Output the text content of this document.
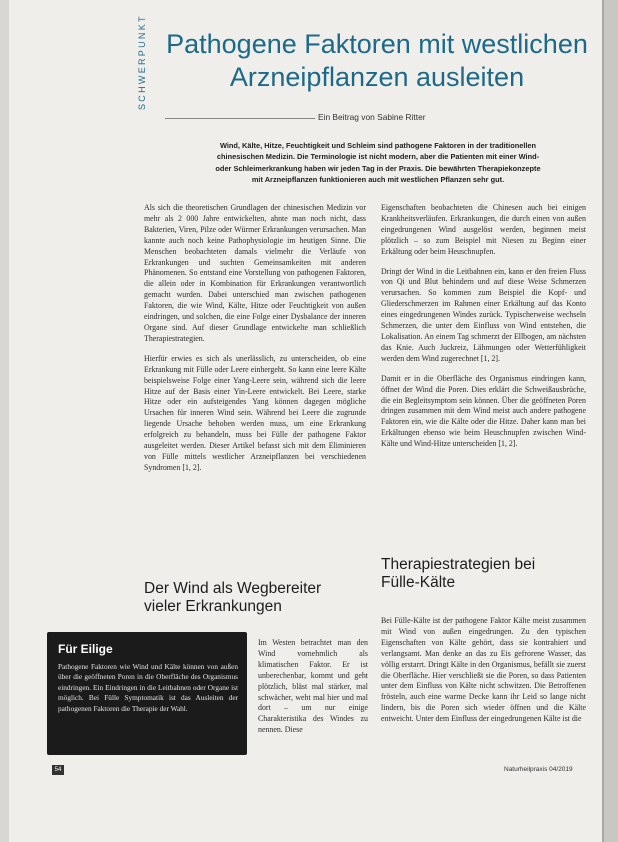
SCHWERPUNKT Pathogene Faktoren mit westlichen
Arzneipflanzen ausleiten
Ein Beitrag von Sabine Ritter
Wind, Kälte, Hitze, Feuchtigkeit und Schleim sind pathogene Faktoren in der traditionellen
chinesischen Medizin. Die Terminologie ist nicht modern, aber die Patienten mit einer Wind-
oder Schleimerkrankung haben wir jeden Tag in der Praxis. Die bewährten Therapiekonzepte
mit Arzneipflanzen funktionieren auch mit westlichen Pflanzen sehr gut.

Als sich die theoretischen Grundlagen der chinesischen Medizin vor mehr als 2 000 Jahre entwickelten, ahnte man noch nicht, dass Bakterien, Viren, Pilze oder Würmer Erkrankungen verursachen. Man kannte auch noch keine Pathophysiologie im heutigen Sinne. Die Menschen beobachteten damals vielmehr die Verläufe von Erkrankungen und suchten Gemeinsamkeiten mit anderen Phänomenen. So entstand eine Vorstellung von pathogenen Faktoren, die allein oder in Kombination für Erkrankungen verantwortlich gemacht wurden. Dabei unterschied man zwischen pathogenen Faktoren, die wie Wind, Kälte, Hitze oder Feuchtigkeit von außen eindringen, und solchen, die eine Folge einer Dysbalance der inneren Organe sind. Auf dieser Grundlage entwickelte man schließlich Therapiestrategien.

Hierfür erwies es sich als unerlässlich, zu unterscheiden, ob eine Erkrankung mit Fülle oder Leere einhergeht. So kann eine leere Kälte beispielsweise Folge einer Yang-Leere sein, während sich die leere Hitze auf der Basis einer Yin-Leere entwickelt. Bei Leere, starke Hitze oder ein aufsteigendes Yang können dagegen mögliche Ursachen für inneren Wind sein. Während bei Leere die zugrunde liegende Ursache behoben werden muss, um eine Erkrankung erfolgreich zu behandeln, muss bei Fülle der pathogene Faktor ausgeleitet werden. Dieser Artikel befasst sich mit dem Eliminieren von Fülle mittels westlicher Arzneipflanzen bei verschiedenen Syndromen [1, 2].

Eigenschaften beobachteten die Chinesen auch bei einigen Krankheitsverläufen. Erkrankungen, die durch einen von außen eingedrungenen Wind ausgelöst werden, beginnen meist plötzlich – so zum Beispiel mit Niesen zu Beginn einer Erkältung oder beim Heuschnupfen.

Dringt der Wind in die Leitbahnen ein, kann er den freien Fluss von Qi und Blut behindern und auf diese Weise Schmerzen verursachen. So kommen zum Beispiel die Kopf- und Gliederschmerzen im Rahmen einer Erkältung auf das Konto eines eingedrungenen Windes zurück. Typischerweise wechseln Schmerzen, die unter dem Einfluss von Wind entstehen, die Lokalisation. An einem Tag schmerzt der Ellbogen, am nächsten das Knie. Auch Juckreiz, Lähmungen oder Wetterfühligkeit werden dem Wind zugerechnet [1, 2].

Damit er in die Oberfläche des Organismus eindringen kann, öffnet der Wind die Poren. Dies erklärt die Schweißausbrüche, die ein Begleitsymptom sein können. Über die geöffneten Poren dringen zusammen mit dem Wind meist auch andere pathogene Faktoren ein, wie die Kälte oder die Hitze. Daher kann man bei Erkältungen ebenso wie beim Heuschnupfen zwischen Wind-Kälte und Wind-Hitze unterscheiden [1, 2].

Der Wind als Wegbereiter
vieler Erkrankungen
Im Westen betrachtet man den Wind vornehmlich als klimatischen Faktor. Er ist unberechenbar, kommt und geht plötzlich, bläst mal stärker, mal schwächer, weht mal hier und mal dort – um nur einige Charakteristika des Windes zu nennen. Diese
Therapiestrategien bei
Fülle-Kälte
Bei Fülle-Kälte ist der pathogene Faktor Kälte meist zusammen mit Wind von außen eingedrungen. Zu den typischen Eigenschaften von Kälte gehört, dass sie kontrahiert und verlangsamt. Man denke an das zu Eis gefrorene Wasser, das völlig erstarrt. Dringt Kälte in den Organismus, befällt sie zuerst die Oberfläche. Hier verschließt sie die Poren, so dass Patienten unter dem Einfluss von Kälte nicht schwitzen. Die Betroffenen frösteln, auch eine warme Decke kann ihr Leid so lange nicht lindern, bis die Poren sich wieder öffnen und die Kälte entweicht. Unter dem Einfluss der eingedrungenen Kälte ist die
Für Eilige
Pathogene Faktoren wie Wind und Kälte können von außen über die geöffneten Poren in die Oberfläche des Organismus eindringen. Ein Eindringen in die Leitbahnen oder Organe ist möglich. Bei Fülle Symptomatik ist das Ausleiten der pathogenen Faktoren die Therapie der Wahl.
54	Naturheilpraxis 04/2019
